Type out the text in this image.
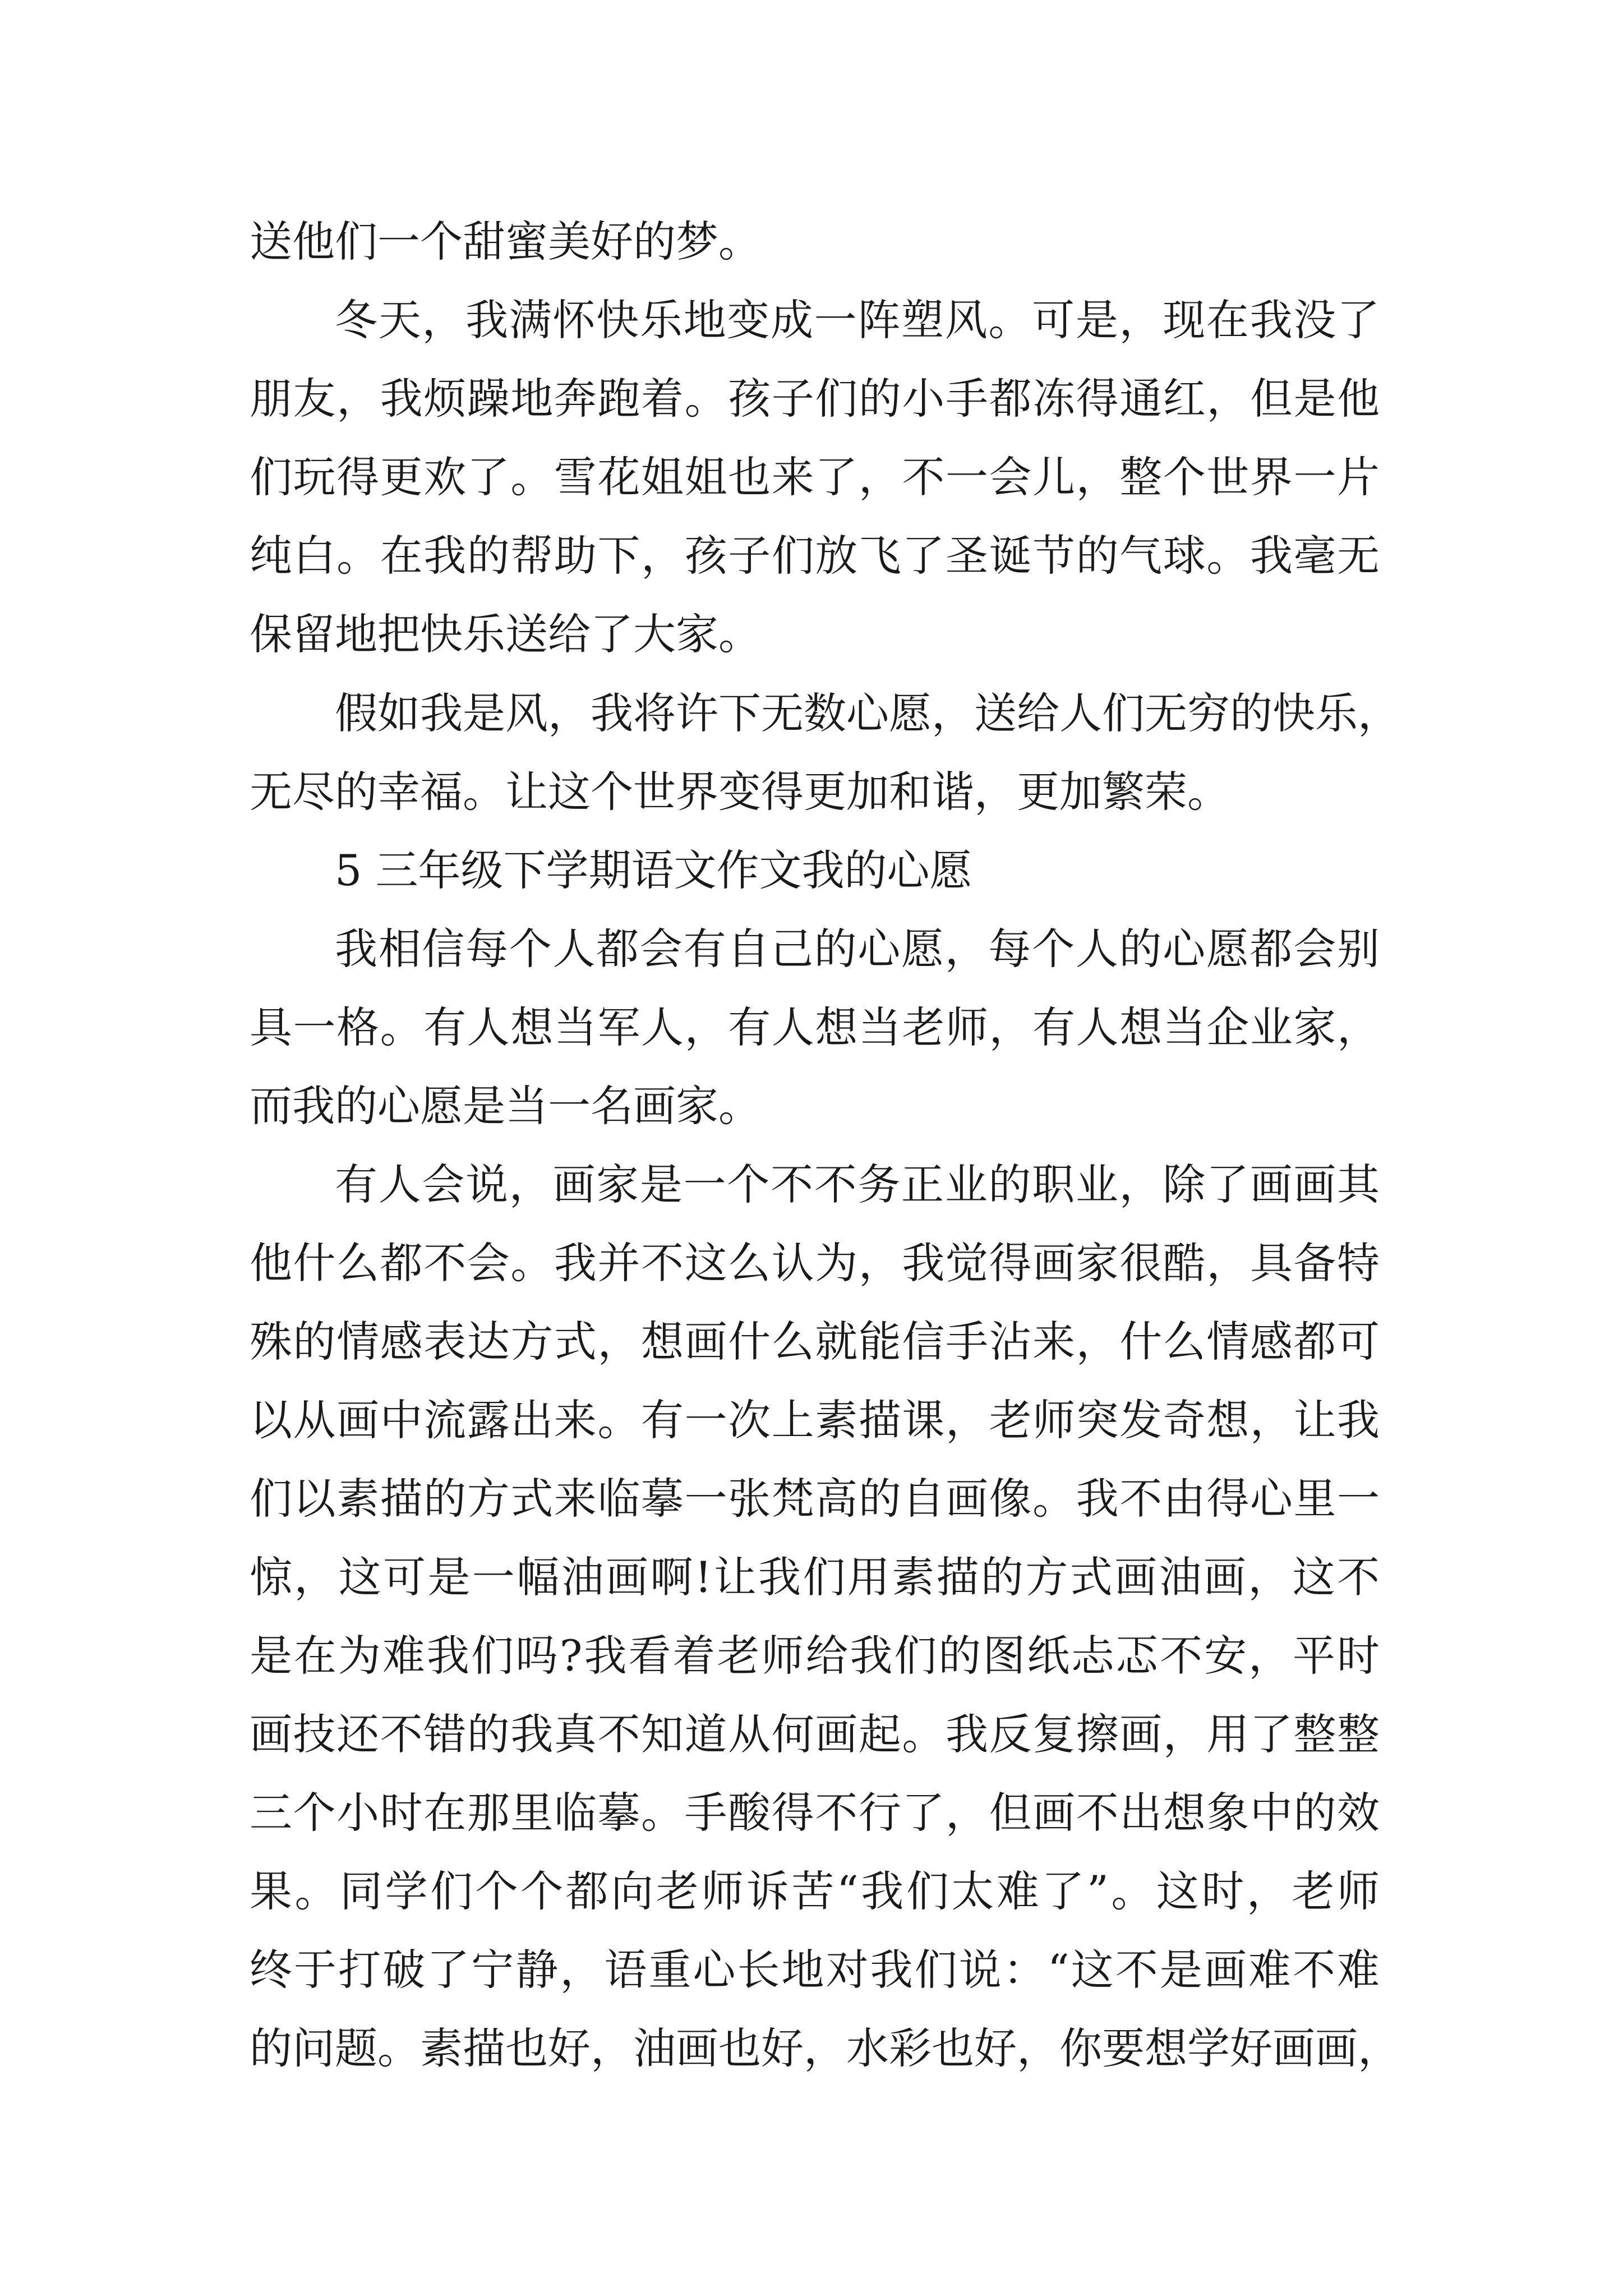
送他们一个甜蜜美好的梦。
冬天，我满怀快乐地变成一阵塑风。可是，现在我没了
朋友，我烦躁地奔跑着。孩子们的小手都冻得通红，但是他
们玩得更欢了。雪花姐姐也来了，不一会儿，整个世界一片
纯白。在我的帮助下，孩子们放飞了圣诞节的气球。我毫无
保留地把快乐送给了大家。
假如我是风，我将许下无数心愿，送给人们无穷的快乐，
无尽的幸福。让这个世界变得更加和谐，更加繁荣。
5 三年级下学期语文作文我的心愿
我相信每个人都会有自己的心愿，每个人的心愿都会别
具一格。有人想当军人，有人想当老师，有人想当企业家，
而我的心愿是当一名画家。
有人会说，画家是一个不不务正业的职业，除了画画其
他什么都不会。我并不这么认为，我觉得画家很酷，具备特
殊的情感表达方式，想画什么就能信手沾来，什么情感都可
以从画中流露出来。有一次上素描课，老师突发奇想，让我
们以素描的方式来临摹一张梵高的自画像。我不由得心里一
惊，这可是一幅油画啊!让我们用素描的方式画油画，这不
是在为难我们吗?我看着老师给我们的图纸忐忑不安，平时
画技还不错的我真不知道从何画起。我反复擦画，用了整整
三个小时在那里临摹。手酸得不行了，但画不出想象中的效
果。同学们个个都向老师诉苦“我们太难了”。这时，老师
终于打破了宁静，语重心长地对我们说：“这不是画难不难
的问题。素描也好，油画也好，水彩也好，你要想学好画画，
